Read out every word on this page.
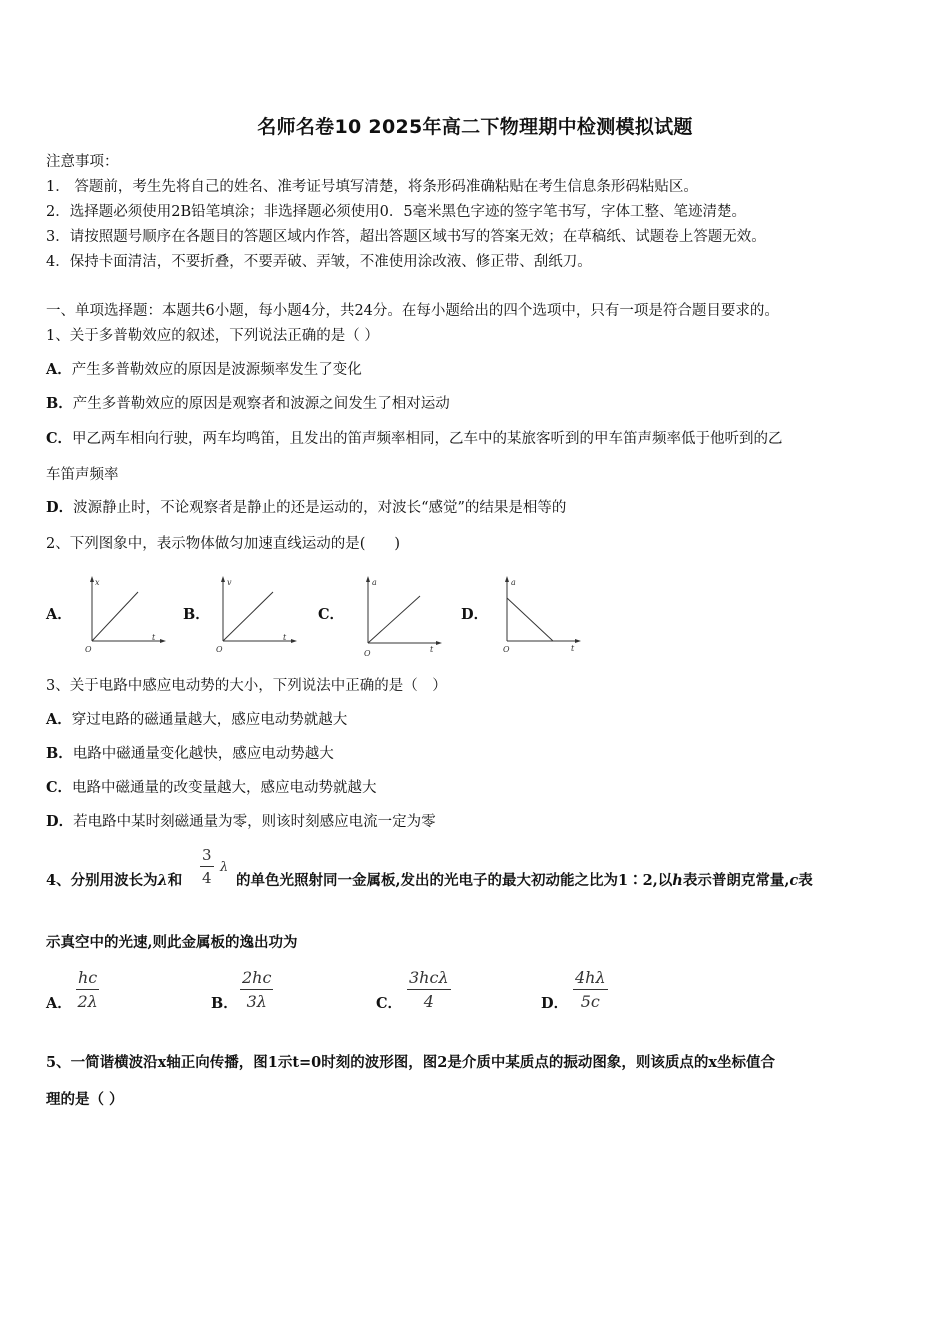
名师名卷10 2025年高二下物理期中检测模拟试题
注意事项：
1． 答题前，考生先将自己的姓名、准考证号填写清楚，将条形码准确粘贴在考生信息条形码粘贴区。
2．选择题必须使用2B铅笔填涂；非选择题必须使用0．5毫米黑色字迹的签字笔书写，字体工整、笔迹清楚。
3．请按照题号顺序在各题目的答题区域内作答，超出答题区域书写的答案无效；在草稿纸、试题卷上答题无效。
4．保持卡面清洁，不要折叠，不要弄破、弄皱，不准使用涂改液、修正带、刮纸刀。
一、单项选择题：本题共6小题，每小题4分，共24分。在每小题给出的四个选项中，只有一项是符合题目要求的。
1、关于多普勒效应的叙述，下列说法正确的是（ ）
A．产生多普勒效应的原因是波源频率发生了变化
B．产生多普勒效应的原因是观察者和波源之间发生了相对运动
C．甲乙两车相向行驶，两车均鸣笛，且发出的笛声频率相同，乙车中的某旅客听到的甲车笛声频率低于他听到的乙
车笛声频率
D．波源静止时，不论观察者是静止的还是运动的，对波长“感觉”的结果是相等的
2、下列图象中，表示物体做匀加速直线运动的是(　　)
A．
x
t
O
B．
v
t
O
C．
a
t
O
D．
a
t
O
3、关于电路中感应电动势的大小，下列说法中正确的是（　）
A．穿过电路的磁通量越大，感应电动势就越大
B．电路中磁通量变化越快，感应电动势越大
C．电路中磁通量的改变量越大，感应电动势就越大
D．若电路中某时刻磁通量为零，则该时刻感应电流一定为零
4、分别用波长为λ和 $\frac{3}{4}$ λ
的单色光照射同一金属板,发出的光电子的最大初动能之比为1∶2,以h表示普朗克常量,c表
示真空中的光速,则此金属板的逸出功为
A． $\frac{hc}{2\lambda}$	B． $\frac{2hc}{3\lambda}$	C．
3hcλ
4	D． $\frac{4h\lambda}{5c}$
5、一简谐横波沿x轴正向传播，图1示t=0时刻的波形图，图2是介质中某质点的振动图象，则该质点的x坐标值合
理的是（ ）
